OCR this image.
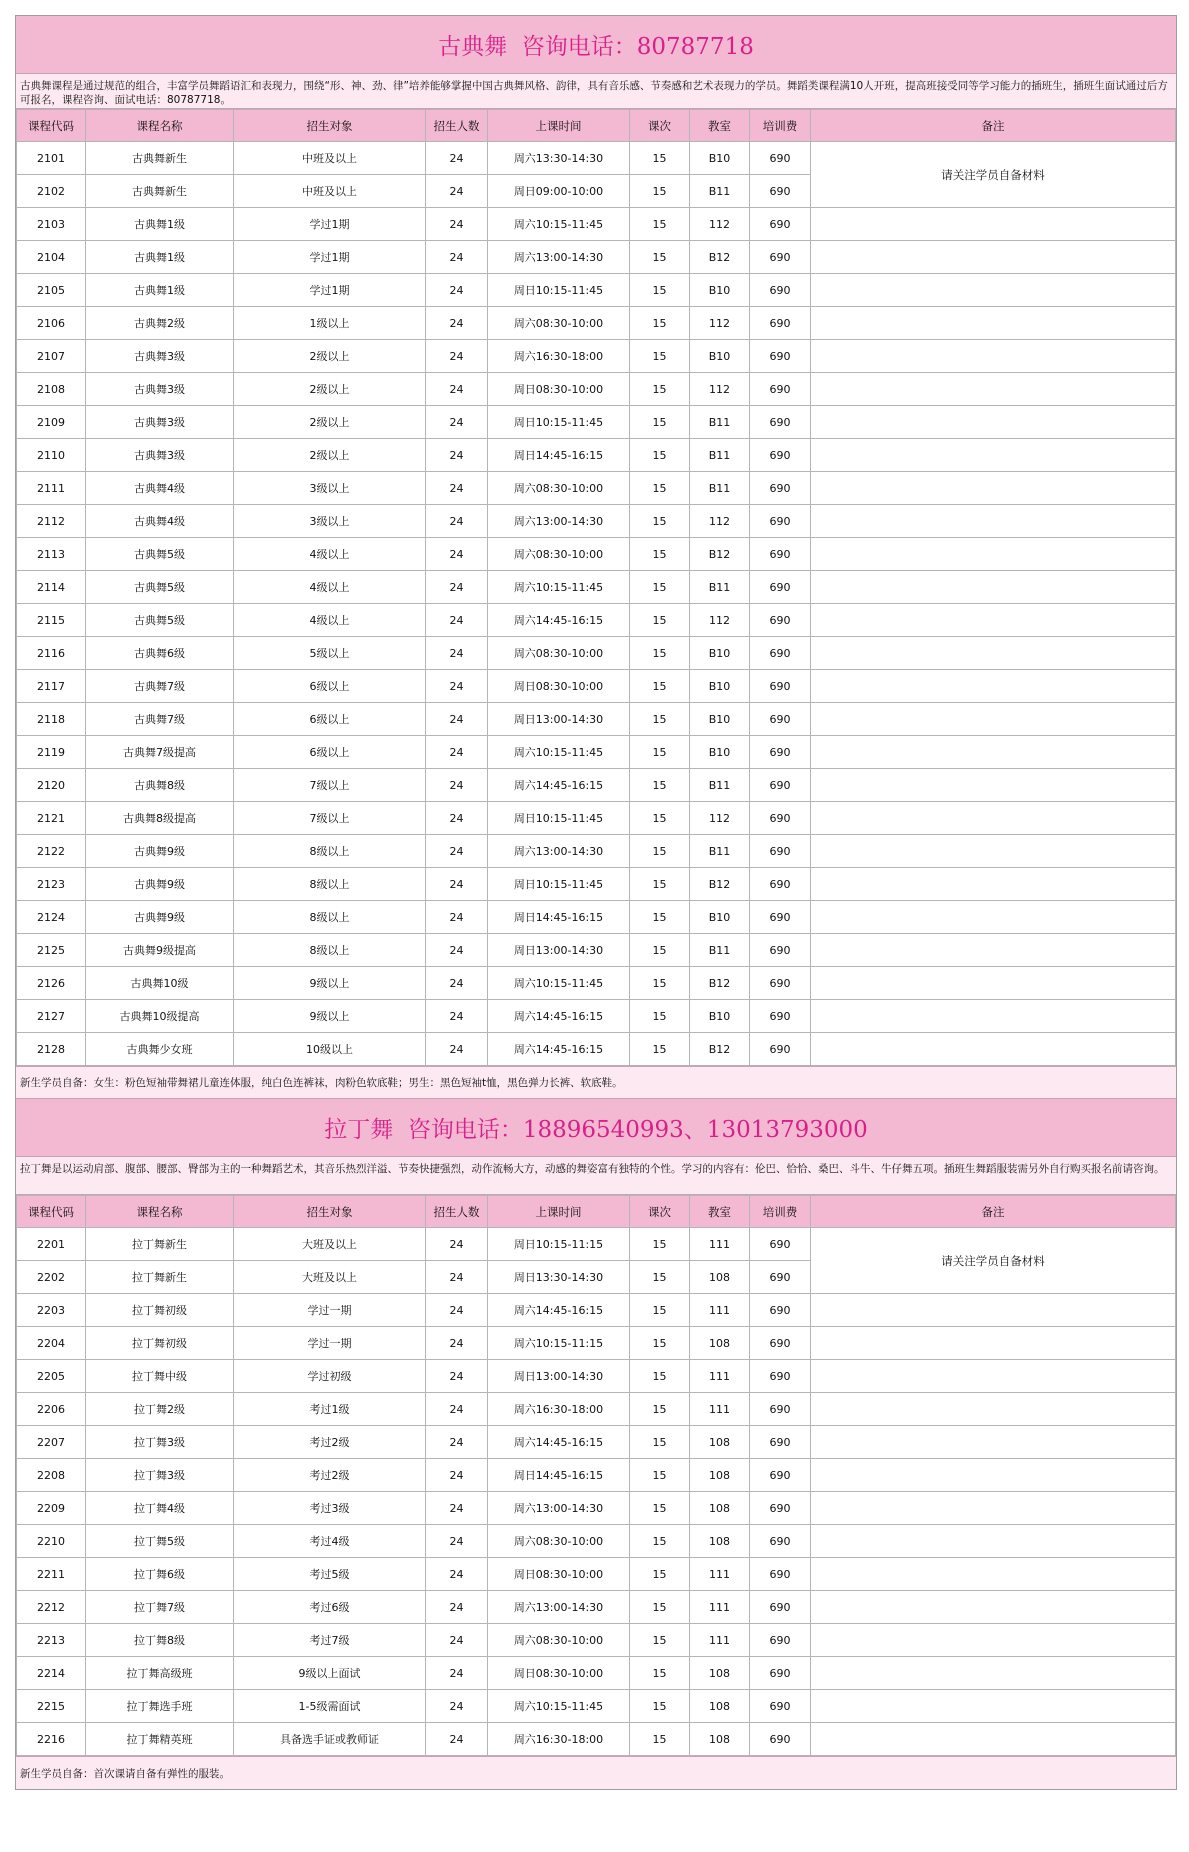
古典舞  咨询电话：80787718
古典舞课程是通过规范的组合，丰富学员舞蹈语汇和表现力，围绕“形、神、劲、律”培养能够掌握中国古典舞风格、韵律，具有音乐感、节奏感和艺术表现力的学员。舞蹈类课程满10人开班，提高班接受同等学习能力的插班生，插班生面试通过后方可报名，课程咨询、面试电话：80787718。
课程代码	课程名称	招生对象	招生人数	上课时间	课次	教室	培训费	备注
2101	古典舞新生	中班及以上	24	周六13:30-14:30	15	B10	690	请关注学员自备材料
2102	古典舞新生	中班及以上	24	周日09:00-10:00	15	B11	690	
2103	古典舞1级	学过1期	24	周六10:15-11:45	15	112	690	
2104	古典舞1级	学过1期	24	周六13:00-14:30	15	B12	690	
2105	古典舞1级	学过1期	24	周日10:15-11:45	15	B10	690	
2106	古典舞2级	1级以上	24	周六08:30-10:00	15	112	690	
2107	古典舞3级	2级以上	24	周六16:30-18:00	15	B10	690	
2108	古典舞3级	2级以上	24	周日08:30-10:00	15	112	690	
2109	古典舞3级	2级以上	24	周日10:15-11:45	15	B11	690	
2110	古典舞3级	2级以上	24	周日14:45-16:15	15	B11	690	
2111	古典舞4级	3级以上	24	周六08:30-10:00	15	B11	690	
2112	古典舞4级	3级以上	24	周六13:00-14:30	15	112	690	
2113	古典舞5级	4级以上	24	周六08:30-10:00	15	B12	690	
2114	古典舞5级	4级以上	24	周六10:15-11:45	15	B11	690	
2115	古典舞5级	4级以上	24	周六14:45-16:15	15	112	690	
2116	古典舞6级	5级以上	24	周六08:30-10:00	15	B10	690	
2117	古典舞7级	6级以上	24	周日08:30-10:00	15	B10	690	
2118	古典舞7级	6级以上	24	周日13:00-14:30	15	B10	690	
2119	古典舞7级提高	6级以上	24	周六10:15-11:45	15	B10	690	
2120	古典舞8级	7级以上	24	周六14:45-16:15	15	B11	690	
2121	古典舞8级提高	7级以上	24	周日10:15-11:45	15	112	690	
2122	古典舞9级	8级以上	24	周六13:00-14:30	15	B11	690	
2123	古典舞9级	8级以上	24	周日10:15-11:45	15	B12	690	
2124	古典舞9级	8级以上	24	周日14:45-16:15	15	B10	690	
2125	古典舞9级提高	8级以上	24	周日13:00-14:30	15	B11	690	
2126	古典舞10级	9级以上	24	周六10:15-11:45	15	B12	690	
2127	古典舞10级提高	9级以上	24	周六14:45-16:15	15	B10	690	
2128	古典舞少女班	10级以上	24	周六14:45-16:15	15	B12	690	
新生学员自备：女生：粉色短袖带舞裙儿童连体服，纯白色连裤袜，肉粉色软底鞋；男生：黑色短袖t恤，黑色弹力长裤、软底鞋。
拉丁舞  咨询电话：18896540993、13013793000
拉丁舞是以运动肩部、腹部、腰部、臀部为主的一种舞蹈艺术，其音乐热烈洋溢、节奏快捷强烈，动作流畅大方，动感的舞姿富有独特的个性。学习的内容有：伦巴、恰恰、桑巴、斗牛、牛仔舞五项。插班生舞蹈服装需另外自行购买报名前请咨询。
课程代码	课程名称	招生对象	招生人数	上课时间	课次	教室	培训费	备注
2201	拉丁舞新生	大班及以上	24	周日10:15-11:15	15	111	690	请关注学员自备材料
2202	拉丁舞新生	大班及以上	24	周日13:30-14:30	15	108	690	
2203	拉丁舞初级	学过一期	24	周六14:45-16:15	15	111	690	
2204	拉丁舞初级	学过一期	24	周六10:15-11:15	15	108	690	
2205	拉丁舞中级	学过初级	24	周日13:00-14:30	15	111	690	
2206	拉丁舞2级	考过1级	24	周六16:30-18:00	15	111	690	
2207	拉丁舞3级	考过2级	24	周六14:45-16:15	15	108	690	
2208	拉丁舞3级	考过2级	24	周日14:45-16:15	15	108	690	
2209	拉丁舞4级	考过3级	24	周六13:00-14:30	15	108	690	
2210	拉丁舞5级	考过4级	24	周六08:30-10:00	15	108	690	
2211	拉丁舞6级	考过5级	24	周日08:30-10:00	15	111	690	
2212	拉丁舞7级	考过6级	24	周六13:00-14:30	15	111	690	
2213	拉丁舞8级	考过7级	24	周六08:30-10:00	15	111	690	
2214	拉丁舞高级班	9级以上面试	24	周日08:30-10:00	15	108	690	
2215	拉丁舞选手班	1-5级需面试	24	周六10:15-11:45	15	108	690	
2216	拉丁舞精英班	具备选手证或教师证	24	周六16:30-18:00	15	108	690	
新生学员自备：首次课请自备有弹性的服装。
